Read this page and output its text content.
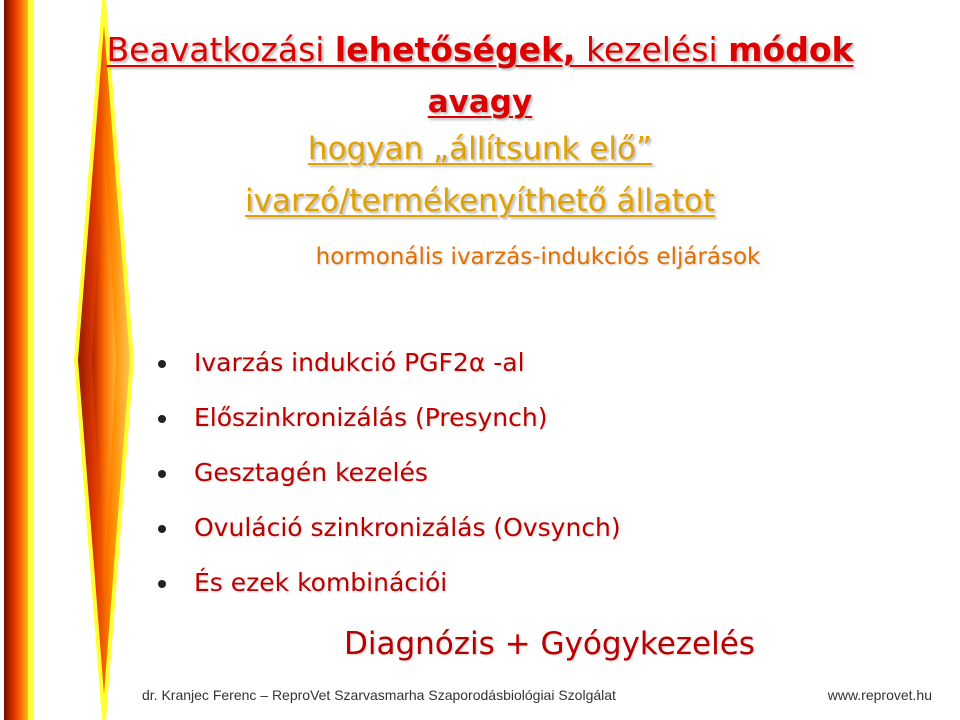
Beavatkozási lehetőségek, kezelési módok
avagy
hogyan „állítsunk elő”
ivarzó/termékenyíthető állatot
hormonális ivarzás-indukciós eljárások
Ivarzás indukció PGF2α -al
Előszinkronizálás (Presynch)
Gesztagén kezelés
Ovuláció szinkronizálás (Ovsynch)
És ezek kombinációi
Diagnózis + Gyógykezelés
dr. Kranjec Ferenc – ReproVet Szarvasmarha Szaporodásbiológiai Szolgálat	www.reprovet.hu
